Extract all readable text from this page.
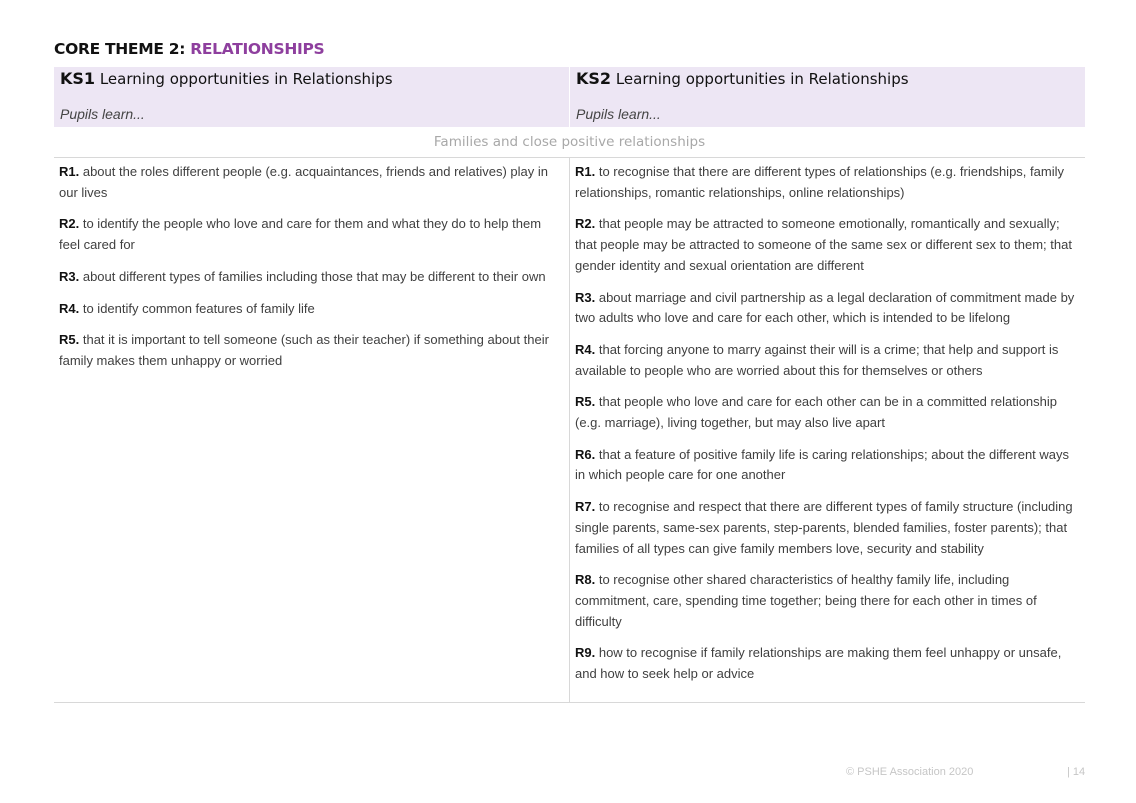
CORE THEME 2: RELATIONSHIPS
KS1 Learning opportunities in Relationships
Pupils learn...
KS2 Learning opportunities in Relationships
Pupils learn...
Families and close positive relationships
R1. about the roles different people (e.g. acquaintances, friends and relatives) play in our lives
R2. to identify the people who love and care for them and what they do to help them feel cared for
R3. about different types of families including those that may be different to their own
R4. to identify common features of family life
R5. that it is important to tell someone (such as their teacher) if something about their family makes them unhappy or worried
R1. to recognise that there are different types of relationships (e.g. friendships, family relationships, romantic relationships, online relationships)
R2. that people may be attracted to someone emotionally, romantically and sexually; that people may be attracted to someone of the same sex or different sex to them; that gender identity and sexual orientation are different
R3. about marriage and civil partnership as a legal declaration of commitment made by two adults who love and care for each other, which is intended to be lifelong
R4. that forcing anyone to marry against their will is a crime; that help and support is available to people who are worried about this for themselves or others
R5. that people who love and care for each other can be in a committed relationship (e.g. marriage), living together, but may also live apart
R6. that a feature of positive family life is caring relationships; about the different ways in which people care for one another
R7. to recognise and respect that there are different types of family structure (including single parents, same-sex parents, step-parents, blended families, foster parents); that families of all types can give family members love, security and stability
R8. to recognise other shared characteristics of healthy family life, including commitment, care, spending time together; being there for each other in times of difficulty
R9. how to recognise if family relationships are making them feel unhappy or unsafe, and how to seek help or advice
© PSHE Association 2020	| 14
